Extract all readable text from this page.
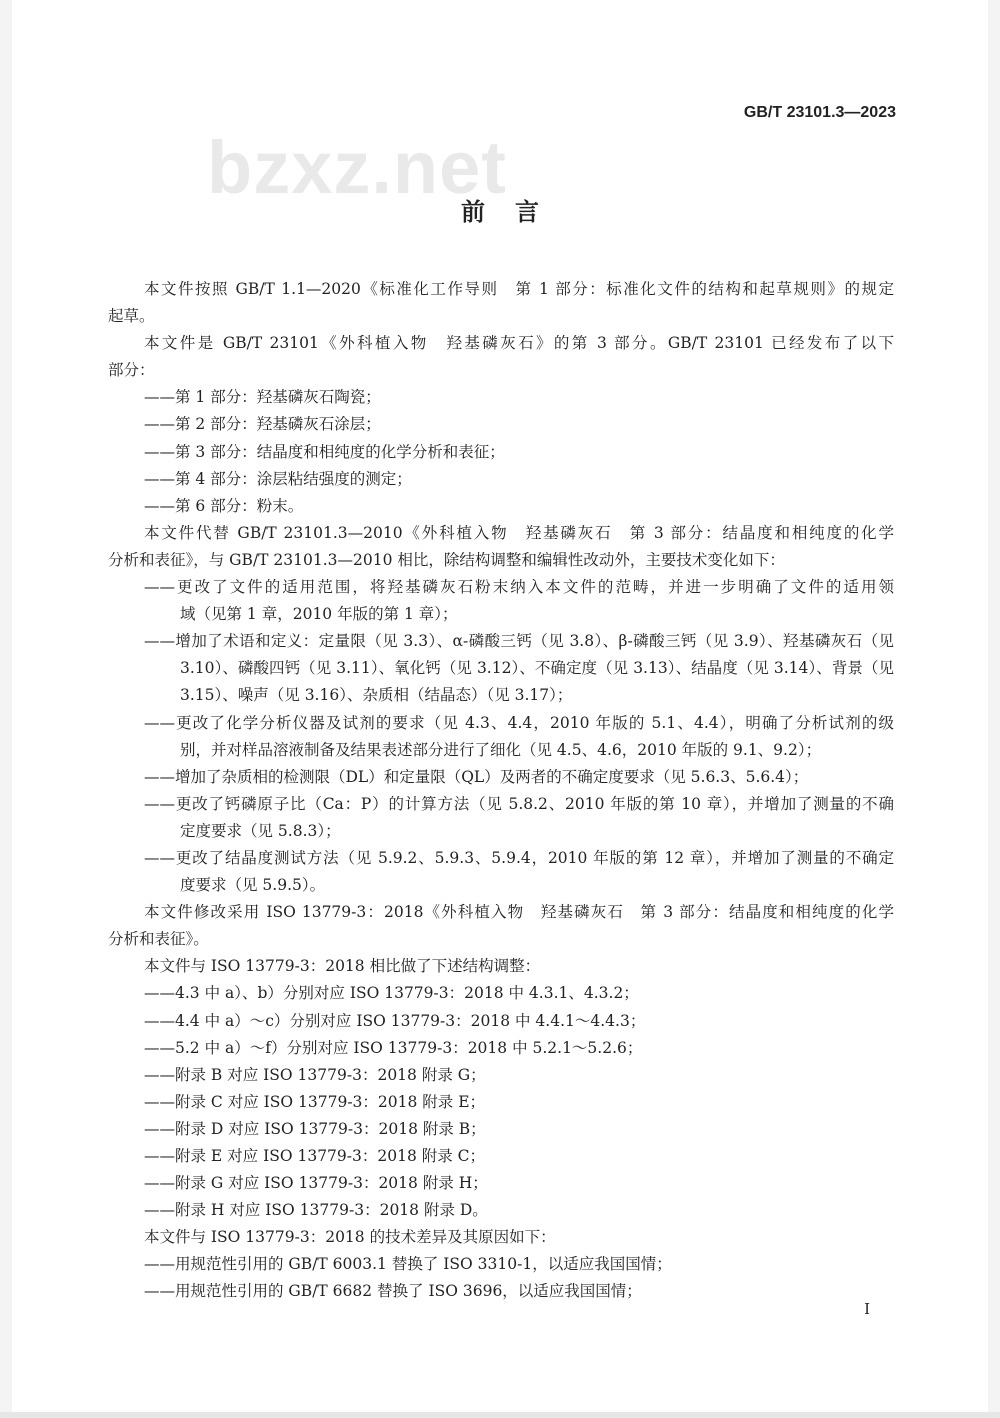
GB/T 23101.3—2023
bzxz.net
前言
本文件按照 GB/T 1.1—2020《标准化工作导则　第 1 部分：标准化文件的结构和起草规则》的规定
起草。
本文件是 GB/T 23101《外科植入物　羟基磷灰石》的第 3 部分。GB/T 23101 已经发布了以下
部分：
——第 1 部分：羟基磷灰石陶瓷；
——第 2 部分：羟基磷灰石涂层；
——第 3 部分：结晶度和相纯度的化学分析和表征；
——第 4 部分：涂层粘结强度的测定；
——第 6 部分：粉末。
本文件代替 GB/T 23101.3—2010《外科植入物　羟基磷灰石　第 3 部分：结晶度和相纯度的化学
分析和表征》，与 GB/T 23101.3—2010 相比，除结构调整和编辑性改动外，主要技术变化如下：
——更改了文件的适用范围，将羟基磷灰石粉末纳入本文件的范畴，并进一步明确了文件的适用领
域（见第 1 章，2010 年版的第 1 章）；
——增加了术语和定义：定量限（见 3.3）、α-磷酸三钙（见 3.8）、β-磷酸三钙（见 3.9）、羟基磷灰石（见
3.10）、磷酸四钙（见 3.11）、氧化钙（见 3.12）、不确定度（见 3.13）、结晶度（见 3.14）、背景（见
3.15）、噪声（见 3.16）、杂质相（结晶态）（见 3.17）；
——更改了化学分析仪器及试剂的要求（见 4.3、4.4，2010 年版的 5.1、4.4），明确了分析试剂的级
别，并对样品溶液制备及结果表述部分进行了细化（见 4.5、4.6，2010 年版的 9.1、9.2）；
——增加了杂质相的检测限（DL）和定量限（QL）及两者的不确定度要求（见 5.6.3、5.6.4）；
——更改了钙磷原子比（Ca：P）的计算方法（见 5.8.2、2010 年版的第 10 章），并增加了测量的不确
定度要求（见 5.8.3）；
——更改了结晶度测试方法（见 5.9.2、5.9.3、5.9.4，2010 年版的第 12 章），并增加了测量的不确定
度要求（见 5.9.5）。
本文件修改采用 ISO 13779-3：2018《外科植入物　羟基磷灰石　第 3 部分：结晶度和相纯度的化学
分析和表征》。
本文件与 ISO 13779-3：2018 相比做了下述结构调整：
——4.3 中 a）、b）分别对应 ISO 13779-3：2018 中 4.3.1、4.3.2；
——4.4 中 a）～c）分别对应 ISO 13779-3：2018 中 4.4.1～4.4.3；
——5.2 中 a）～f）分别对应 ISO 13779-3：2018 中 5.2.1～5.2.6；
——附录 B 对应 ISO 13779-3：2018 附录 G；
——附录 C 对应 ISO 13779-3：2018 附录 E；
——附录 D 对应 ISO 13779-3：2018 附录 B；
——附录 E 对应 ISO 13779-3：2018 附录 C；
——附录 G 对应 ISO 13779-3：2018 附录 H；
——附录 H 对应 ISO 13779-3：2018 附录 D。
本文件与 ISO 13779-3：2018 的技术差异及其原因如下：
——用规范性引用的 GB/T 6003.1 替换了 ISO 3310-1，以适应我国国情；
——用规范性引用的 GB/T 6682 替换了 ISO 3696，以适应我国国情；
I
